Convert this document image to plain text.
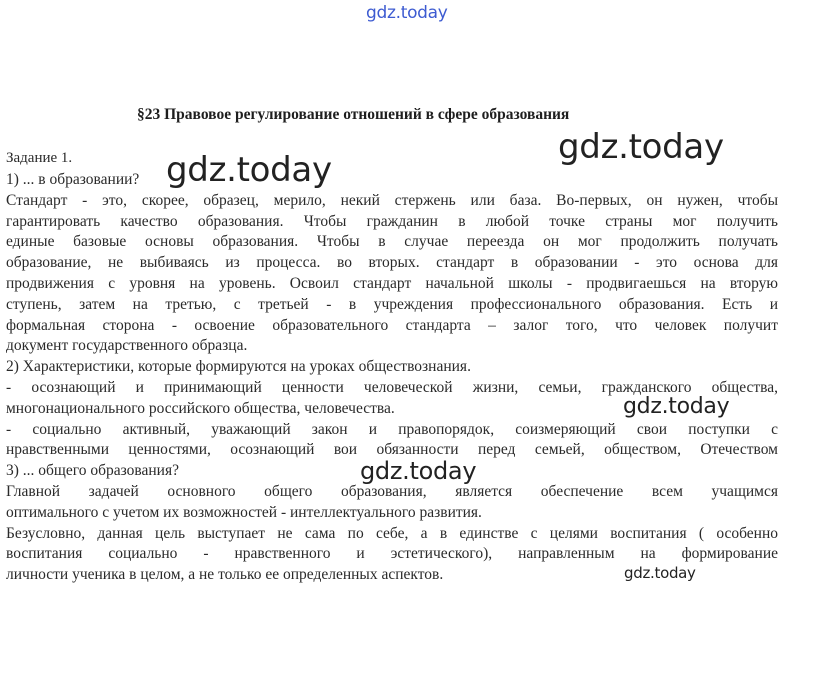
gdz.today
§23 Правовое регулирование отношений в сфере образования
Задание 1.
1) ... в образовании?
Стандарт - это, скорее, образец, мерило, некий стержень или база. Во-первых, он нужен, чтобы
гарантировать качество образования. Чтобы гражданин в любой точке страны мог получить
единые базовые основы образования. Чтобы в случае переезда он мог продолжить получать
образование, не выбиваясь из процесса. во вторых. стандарт в образовании - это основа для
продвижения с уровня на уровень. Освоил стандарт начальной школы - продвигаешься на вторую
ступень, затем на третью, с третьей - в учреждения профессионального образования. Есть и
формальная сторона - освоение образовательного стандарта – залог того, что человек получит
документ государственного образца.
2) Характеристики, которые формируются на уроках обществознания.
- осознающий и принимающий ценности человеческой жизни, семьи, гражданского общества,
многонационального российского общества, человечества.
- социально активный, уважающий закон и правопорядок, соизмеряющий свои поступки с
нравственными ценностями, осознающий вои обязанности перед семьей, обществом, Отечеством
3) ... общего образования?
Главной задачей основного общего образования, является обеспечение всем учащимся
оптимального с учетом их возможностей - интеллектуального развития.
Безусловно, данная цель выступает не сама по себе, а в единстве с целями воспитания ( особенно
воспитания социально - нравственного и эстетического), направленным на формирование
личности ученика в целом, а не только ее определенных аспектов.
gdz.today
gdz.today
gdz.today
gdz.today
gdz.today
